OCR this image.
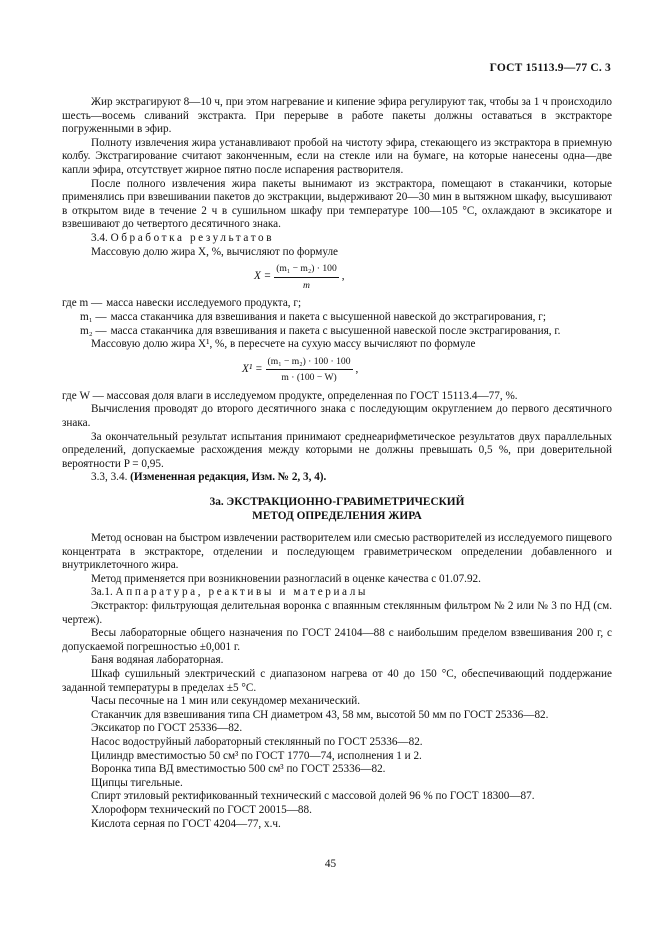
ГОСТ 15113.9—77 С. 3

Жир экстрагируют 8—10 ч, при этом нагревание и кипение эфира регулируют так, чтобы за 1 ч происходило шесть—восемь сливаний экстракта. При перерыве в работе пакеты должны оставаться в экстракторе погруженными в эфир.

Полноту извлечения жира устанавливают пробой на чистоту эфира, стекающего из экстрактора в приемную колбу. Экстрагирование считают законченным, если на стекле или на бумаге, на которые нанесены одна—две капли эфира, отсутствует жирное пятно после испарения растворителя.

После полного извлечения жира пакеты вынимают из экстрактора, помещают в стаканчики, которые применялись при взвешивании пакетов до экстракции, выдерживают 20—30 мин в вытяжном шкафу, высушивают в открытом виде в течение 2 ч в сушильном шкафу при температуре 100—105 °С, охлаждают в эксикаторе и взвешивают до четвертого десятичного знака.

3.4. Обработка результатов

Массовую долю жира X, %, вычисляют по формуле

$X = \frac{\text{(m₁ − m₂) · 100}}{m}$ ,
где m — масса навески исследуемого продукта, г;
m₁ — масса стаканчика для взвешивания и пакета с высушенной навеской до экстрагирования, г;
m₂ — масса стаканчика для взвешивания и пакета с высушенной навеской после экстрагирования, г.

Массовую долю жира X¹, %, в пересчете на сухую массу вычисляют по формуле

$X^1 = \frac{\text{(m₁ − m₂) · 100 · 100}}{m \cdot (100 - W)}$ ,

где W — массовая доля влаги в исследуемом продукте, определенная по ГОСТ 15113.4—77, %.

Вычисления проводят до второго десятичного знака с последующим округлением до первого десятичного знака.

За окончательный результат испытания принимают среднеарифметическое результатов двух параллельных определений, допускаемые расхождения между которыми не должны превышать 0,5 %, при доверительной вероятности P = 0,95.

3.3, 3.4. (Измененная редакция, Изм. № 2, 3, 4).

3а. ЭКСТРАКЦИОННО-ГРАВИМЕТРИЧЕСКИЙ
МЕТОД ОПРЕДЕЛЕНИЯ ЖИРА

Метод основан на быстром извлечении растворителем или смесью растворителей из исследуемого пищевого концентрата в экстракторе, отделении и последующем гравиметрическом определении добавленного и внутриклеточного жира.

Метод применяется при возникновении разногласий в оценке качества с 01.07.92.

3а.1. Аппаратура, реактивы и материалы

Экстрактор: фильтрующая делительная воронка с впаянным стеклянным фильтром № 2 или № 3 по НД (см. чертеж).

Весы лабораторные общего назначения по ГОСТ 24104—88 с наибольшим пределом взвешивания 200 г, с допускаемой погрешностью ±0,001 г.

Баня водяная лабораторная.

Шкаф сушильный электрический с диапазоном нагрева от 40 до 150 °С, обеспечивающий поддержание заданной температуры в пределах ±5 °С.

Часы песочные на 1 мин или секундомер механический.

Стаканчик для взвешивания типа СН диаметром 43, 58 мм, высотой 50 мм по ГОСТ 25336—82.

Эксикатор по ГОСТ 25336—82.

Насос водоструйный лабораторный стеклянный по ГОСТ 25336—82.

Цилиндр вместимостью 50 см³ по ГОСТ 1770—74, исполнения 1 и 2.

Воронка типа ВД вместимостью 500 см³ по ГОСТ 25336—82.

Щипцы тигельные.

Спирт этиловый ректификованный технический с массовой долей 96 % по ГОСТ 18300—87.

Хлороформ технический по ГОСТ 20015—88.

Кислота серная по ГОСТ 4204—77, х.ч.

45
